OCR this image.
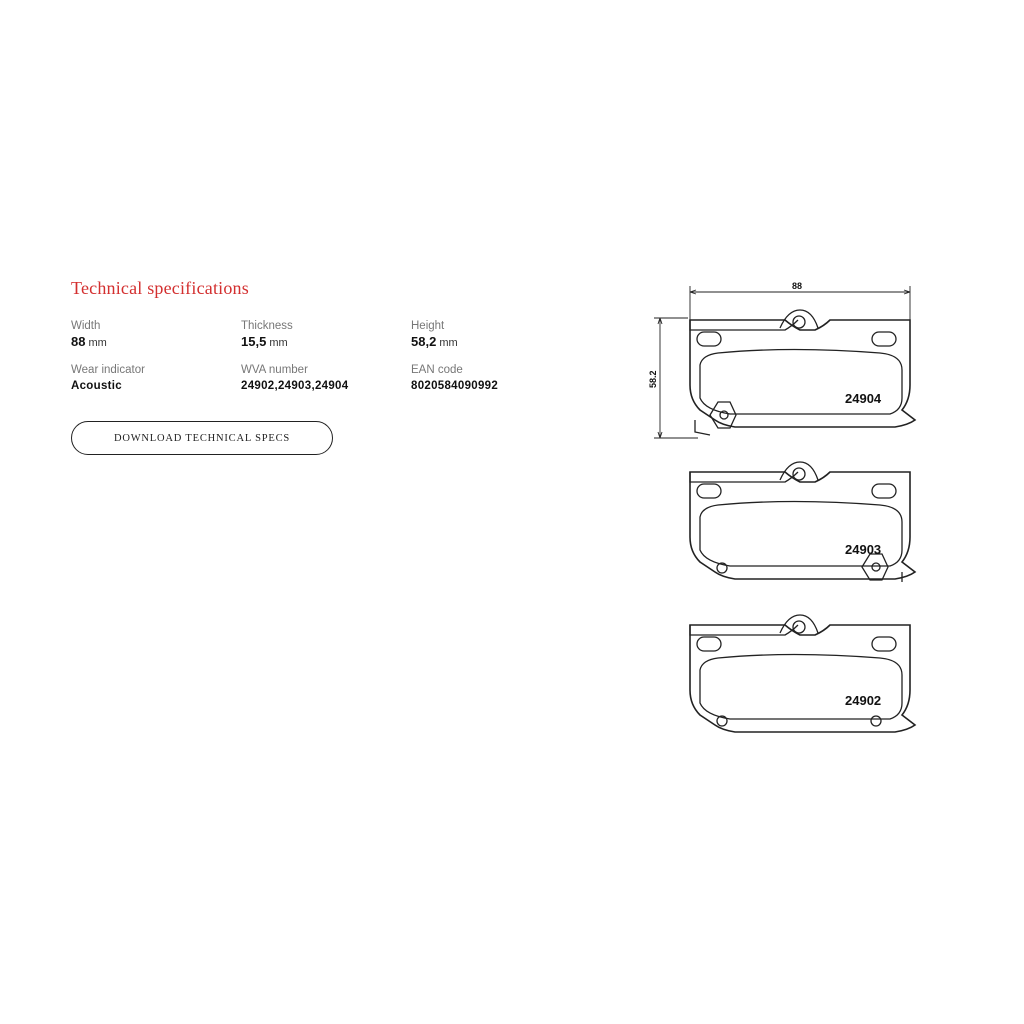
Technical specifications
Width
88 mm
Thickness
15,5 mm
Height
58,2 mm
Wear indicator
Acoustic
WVA number
24902,24903,24904
EAN code
8020584090992
DOWNLOAD TECHNICAL SPECS
88
58.2
24904
24903
24902
